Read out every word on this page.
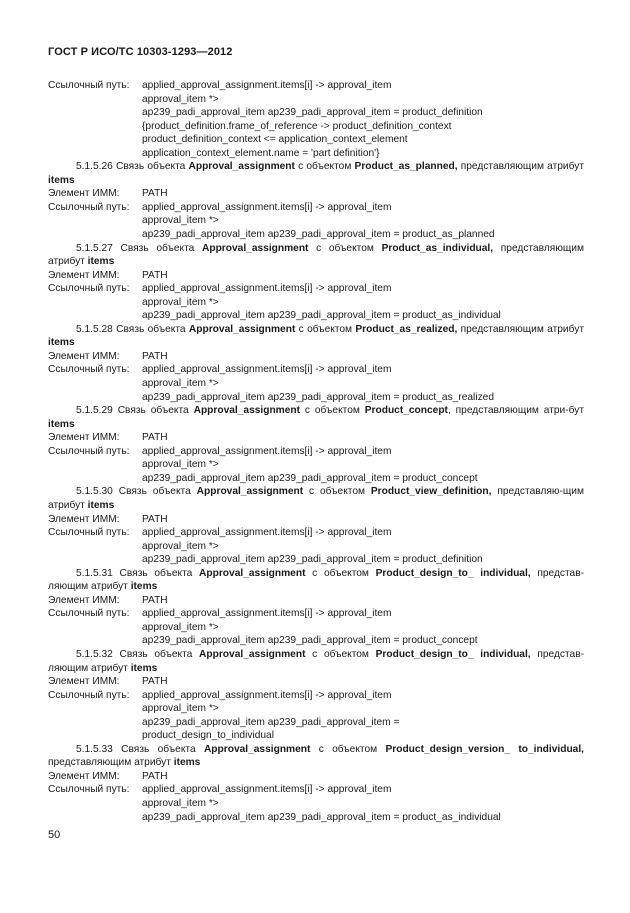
ГОСТ Р ИСО/ТС 10303-1293—2012
Ссылочный путь:	applied_approval_assignment.items[i] -> approval_item
approval_item *>
ap239_padi_approval_item ap239_padi_approval_item = product_definition
{product_definition.frame_of_reference -> product_definition_context
product_definition_context <= application_context_element
application_context_element.name = 'part definition'}
5.1.5.26 Связь объекта Approval_assignment с объектом Product_as_planned, представляющим атрибут items
Элемент ИММ:	PATH
Ссылочный путь:	applied_approval_assignment.items[i] -> approval_item
approval_item *>
ap239_padi_approval_item ap239_padi_approval_item = product_as_planned
5.1.5.27 Связь объекта Approval_assignment с объектом Product_as_individual, представляющим атрибут items
Элемент ИММ:	PATH
Ссылочный путь:	applied_approval_assignment.items[i] -> approval_item
approval_item *>
ap239_padi_approval_item ap239_padi_approval_item = product_as_individual
5.1.5.28 Связь объекта Approval_assignment с объектом Product_as_realized, представляющим атрибут items
Элемент ИММ:	PATH
Ссылочный путь:	applied_approval_assignment.items[i] -> approval_item
approval_item *>
ap239_padi_approval_item ap239_padi_approval_item = product_as_realized
5.1.5.29 Связь объекта Approval_assignment с объектом Product_concept, представляющим атри-бут items
Элемент ИММ:	PATH
Ссылочный путь:	applied_approval_assignment.items[i] -> approval_item
approval_item *>
ap239_padi_approval_item ap239_padi_approval_item = product_concept
5.1.5.30 Связь объекта Approval_assignment с объектом Product_view_definition, представляю-щим атрибут items
Элемент ИММ:	PATH
Ссылочный путь:	applied_approval_assignment.items[i] -> approval_item
approval_item *>
ap239_padi_approval_item ap239_padi_approval_item = product_definition
5.1.5.31 Связь объекта Approval_assignment с объектом Product_design_to_ individual, представ-ляющим атрибут items
Элемент ИММ:	PATH
Ссылочный путь:	applied_approval_assignment.items[i] -> approval_item
approval_item *>
ap239_padi_approval_item ap239_padi_approval_item = product_concept
5.1.5.32 Связь объекта Approval_assignment с объектом Product_design_to_ individual, представ-ляющим атрибут items
Элемент ИММ:	PATH
Ссылочный путь:	applied_approval_assignment.items[i] -> approval_item
approval_item *>
ap239_padi_approval_item ap239_padi_approval_item =
product_design_to_individual
5.1.5.33 Связь объекта Approval_assignment с объектом Product_design_version_ to_individual, представляющим атрибут items
Элемент ИММ:	PATH
Ссылочный путь:	applied_approval_assignment.items[i] -> approval_item
approval_item *>
ap239_padi_approval_item ap239_padi_approval_item = product_as_individual
50
